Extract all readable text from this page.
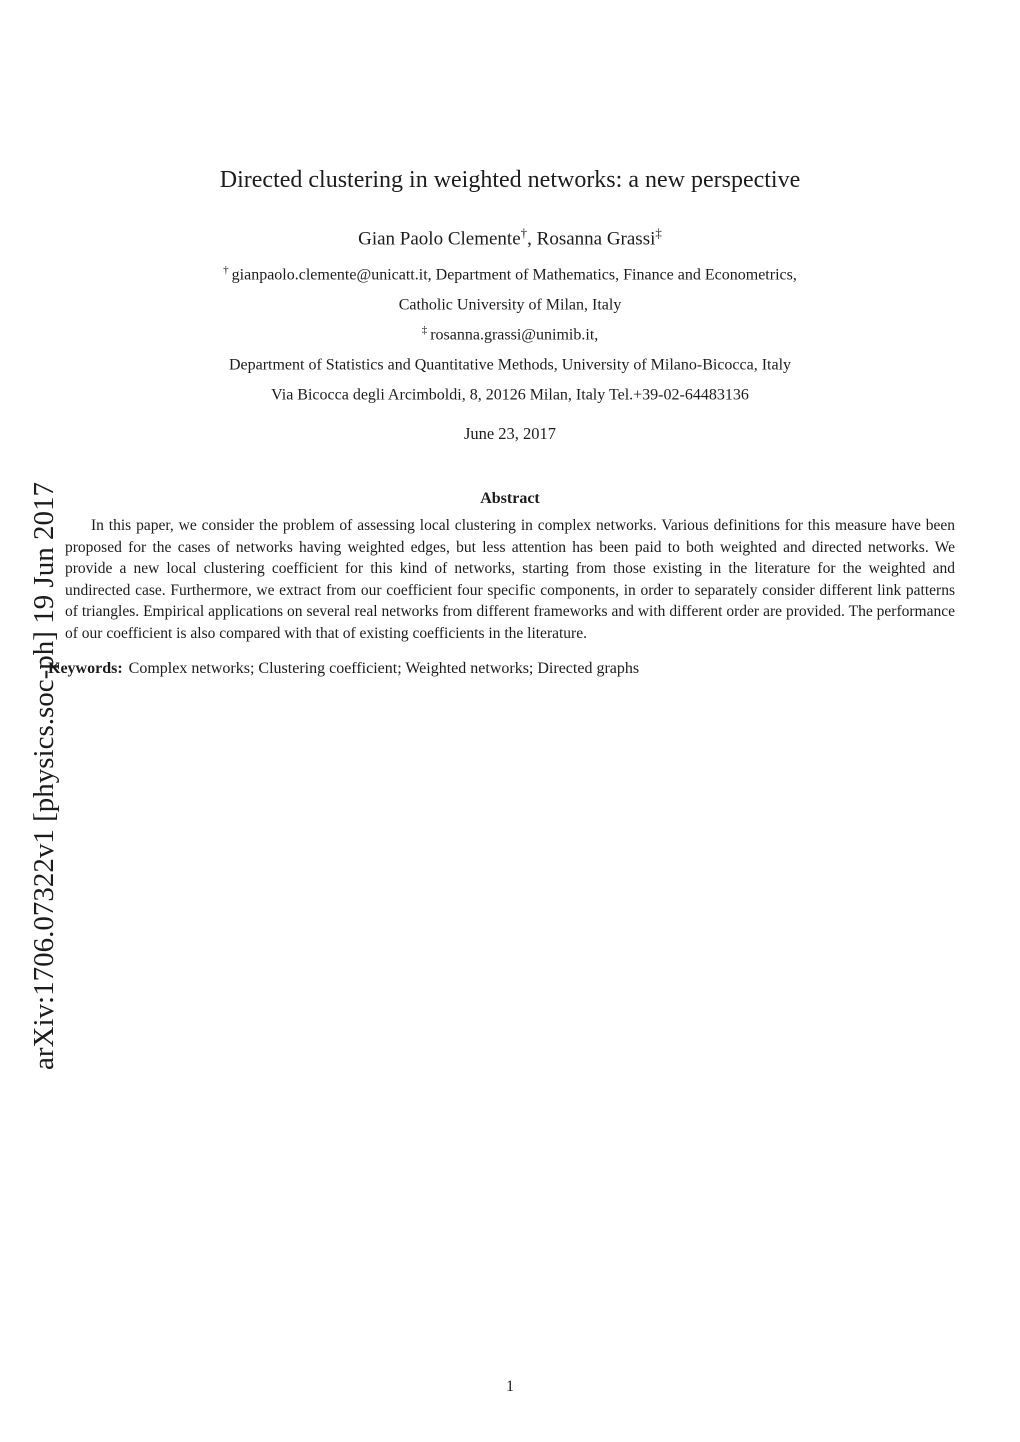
arXiv:1706.07322v1 [physics.soc-ph] 19 Jun 2017
Directed clustering in weighted networks: a new perspective
Gian Paolo Clemente†, Rosanna Grassi‡
† gianpaolo.clemente@unicatt.it, Department of Mathematics, Finance and Econometrics,
Catholic University of Milan, Italy
‡ rosanna.grassi@unimib.it,
Department of Statistics and Quantitative Methods, University of Milano-Bicocca, Italy
Via Bicocca degli Arcimboldi, 8, 20126 Milan, Italy Tel.+39-02-64483136
June 23, 2017
Abstract

In this paper, we consider the problem of assessing local clustering in complex networks. Various definitions for this measure have been proposed for the cases of networks having weighted edges, but less attention has been paid to both weighted and directed networks. We provide a new local clustering coefficient for this kind of networks, starting from those existing in the literature for the weighted and undirected case. Furthermore, we extract from our coefficient four specific components, in order to separately consider different link patterns of triangles. Empirical applications on several real networks from different frameworks and with different order are provided. The performance of our coefficient is also compared with that of existing coefficients in the literature.

Keywords: Complex networks; Clustering coefficient; Weighted networks; Directed graphs

1
